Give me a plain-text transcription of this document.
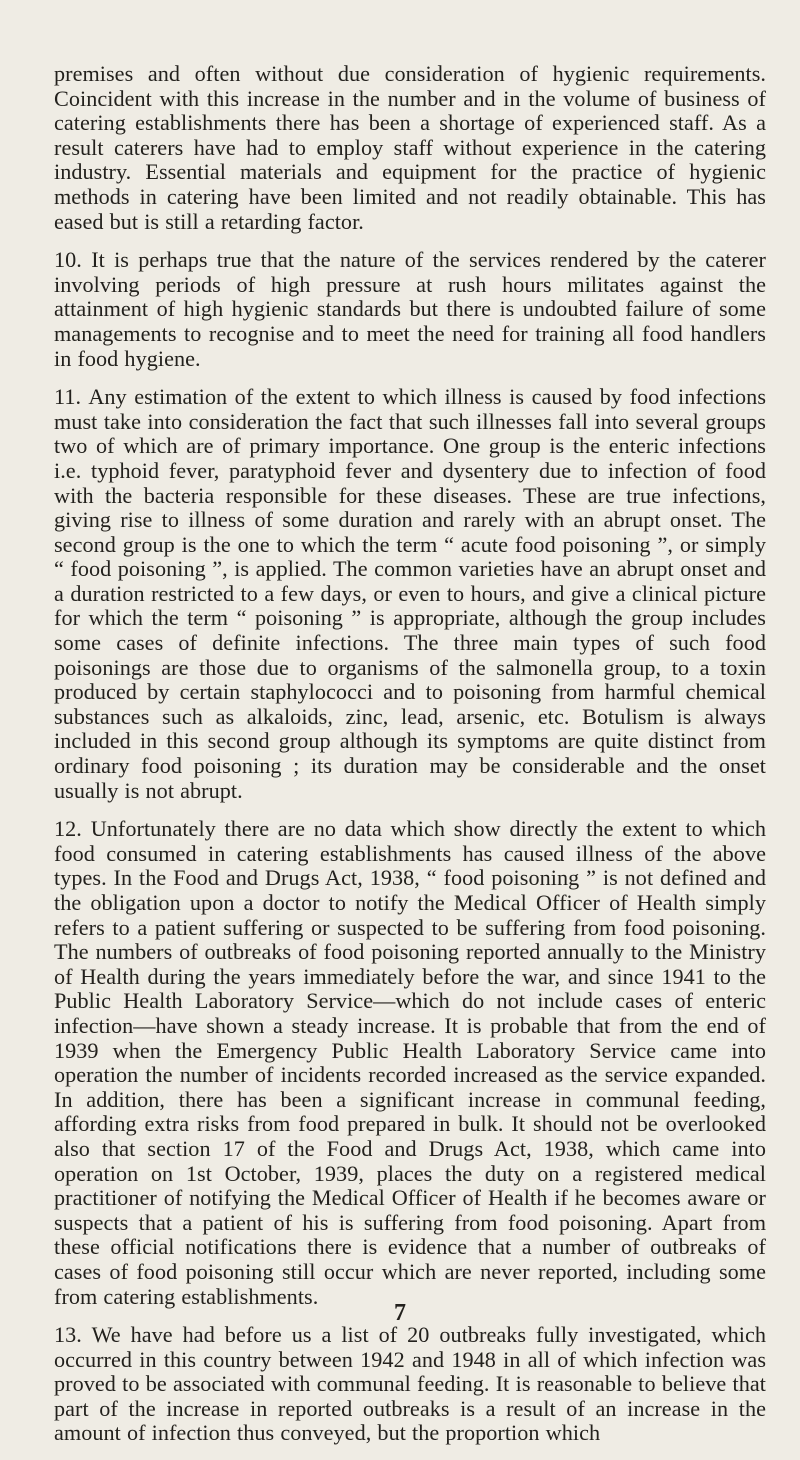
premises and often without due consideration of hygienic requirements. Coincident with this increase in the number and in the volume of business of catering establishments there has been a shortage of experienced staff. As a result caterers have had to employ staff without experience in the catering industry. Essential materials and equipment for the practice of hygienic methods in catering have been limited and not readily obtainable. This has eased but is still a retarding factor.

10. It is perhaps true that the nature of the services rendered by the caterer involving periods of high pressure at rush hours militates against the attainment of high hygienic standards but there is undoubted failure of some managements to recognise and to meet the need for training all food handlers in food hygiene.

11. Any estimation of the extent to which illness is caused by food infections must take into consideration the fact that such illnesses fall into several groups two of which are of primary importance. One group is the enteric infections i.e. typhoid fever, paratyphoid fever and dysentery due to infection of food with the bacteria responsible for these diseases. These are true infections, giving rise to illness of some duration and rarely with an abrupt onset. The second group is the one to which the term “ acute food poisoning ”, or simply “ food poisoning ”, is applied. The common varieties have an abrupt onset and a duration restricted to a few days, or even to hours, and give a clinical picture for which the term “ poisoning ” is appropriate, although the group includes some cases of definite infections. The three main types of such food poisonings are those due to organisms of the salmonella group, to a toxin produced by certain staphylococci and to poisoning from harmful chemical substances such as alkaloids, zinc, lead, arsenic, etc. Botulism is always included in this second group although its symptoms are quite distinct from ordinary food poisoning ; its duration may be considerable and the onset usually is not abrupt.

12. Unfortunately there are no data which show directly the extent to which food consumed in catering establishments has caused illness of the above types. In the Food and Drugs Act, 1938, “ food poisoning ” is not defined and the obligation upon a doctor to notify the Medical Officer of Health simply refers to a patient suffering or suspected to be suffering from food poisoning. The numbers of outbreaks of food poisoning reported annually to the Ministry of Health during the years immediately before the war, and since 1941 to the Public Health Laboratory Service—which do not include cases of enteric infection—have shown a steady increase. It is probable that from the end of 1939 when the Emergency Public Health Laboratory Service came into operation the number of incidents recorded increased as the service expanded. In addition, there has been a significant increase in communal feeding, affording extra risks from food prepared in bulk. It should not be overlooked also that section 17 of the Food and Drugs Act, 1938, which came into operation on 1st October, 1939, places the duty on a registered medical practitioner of notifying the Medical Officer of Health if he becomes aware or suspects that a patient of his is suffering from food poisoning. Apart from these official notifications there is evidence that a number of outbreaks of cases of food poisoning still occur which are never reported, including some from catering establishments.

13. We have had before us a list of 20 outbreaks fully investigated, which occurred in this country between 1942 and 1948 in all of which infection was proved to be associated with communal feeding. It is reasonable to believe that part of the increase in reported outbreaks is a result of an increase in the amount of infection thus conveyed, but the proportion which

7
